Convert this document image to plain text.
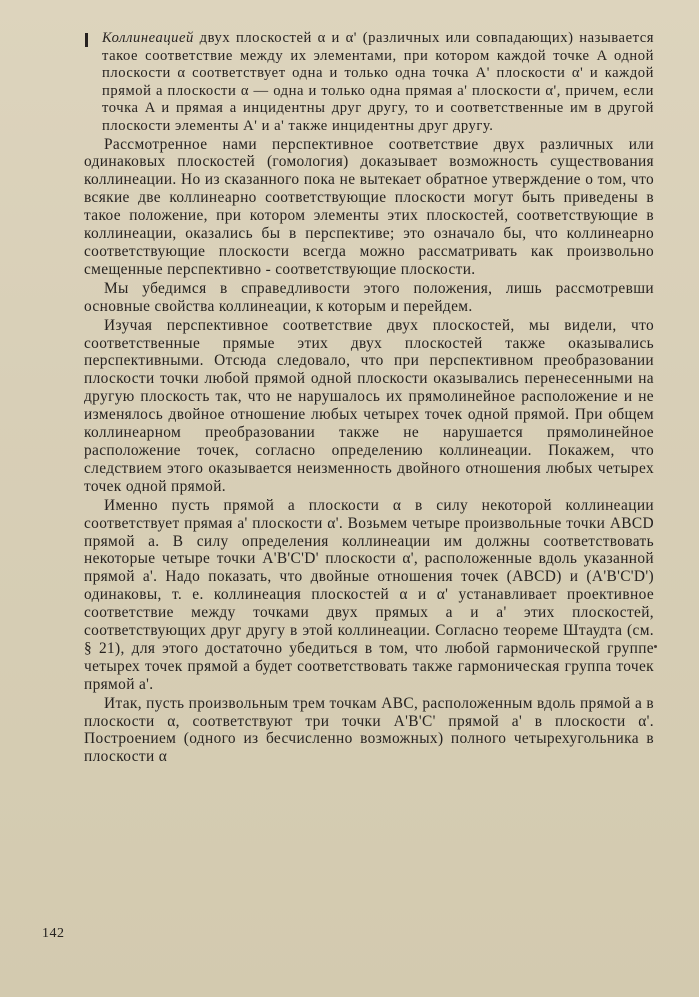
Коллинеацией двух плоскостей α и α' (различных или совпадающих) называется такое соответствие между их элементами, при котором каждой точке A одной плоскости α соответствует одна и только одна точка A' плоскости α' и каждой прямой a плоскости α — одна и только одна прямая a' плоскости α', причем, если точка A и прямая a инцидентны друг другу, то и соответственные им в другой плоскости элементы A' и a' также инцидентны друг другу.

Рассмотренное нами перспективное соответствие двух различных или одинаковых плоскостей (гомология) доказывает возможность существования коллинеации. Но из сказанного пока не вытекает обратное утверждение о том, что всякие две коллинеарно соответствующие плоскости могут быть приведены в такое положение, при котором элементы этих плоскостей, соответствующие в коллинеации, оказались бы в перспективе; это означало бы, что коллинеарно соответствующие плоскости всегда можно рассматривать как произвольно смещенные перспективно - соответствующие плоскости.

Мы убедимся в справедливости этого положения, лишь рассмотревши основные свойства коллинеации, к которым и перейдем.

Изучая перспективное соответствие двух плоскостей, мы видели, что соответственные прямые этих двух плоскостей также оказывались перспективными. Отсюда следовало, что при перспективном преобразовании плоскости точки любой прямой одной плоскости оказывались перенесенными на другую плоскость так, что не нарушалось их прямолинейное расположение и не изменялось двойное отношение любых четырех точек одной прямой. При общем коллинеарном преобразовании также не нарушается прямолинейное расположение точек, согласно определению коллинеации. Покажем, что следствием этого оказывается неизменность двойного отношения любых четырех точек одной прямой.

Именно пусть прямой a плоскости α в силу некоторой коллинеации соответствует прямая a' плоскости α'. Возьмем четыре произвольные точки ABCD прямой a. В силу определения коллинеации им должны соответствовать некоторые четыре точки A'B'C'D' плоскости α', расположенные вдоль указанной прямой a'. Надо показать, что двойные отношения точек (ABCD) и (A'B'C'D') одинаковы, т. е. коллинеация плоскостей α и α' устанавливает проективное соответствие между точками двух прямых a и a' этих плоскостей, соответствующих друг другу в этой коллинеации. Согласно теореме Штаудта (см. § 21), для этого достаточно убедиться в том, что любой гармонической группе четырех точек прямой a будет соответствовать также гармоническая группа точек прямой a'.

Итак, пусть произвольным трем точкам ABC, расположенным вдоль прямой a в плоскости α, соответствуют три точки A'B'C' прямой a' в плоскости α'. Построением (одного из бесчисленно возможных) полного четырехугольника в плоскости α

142
